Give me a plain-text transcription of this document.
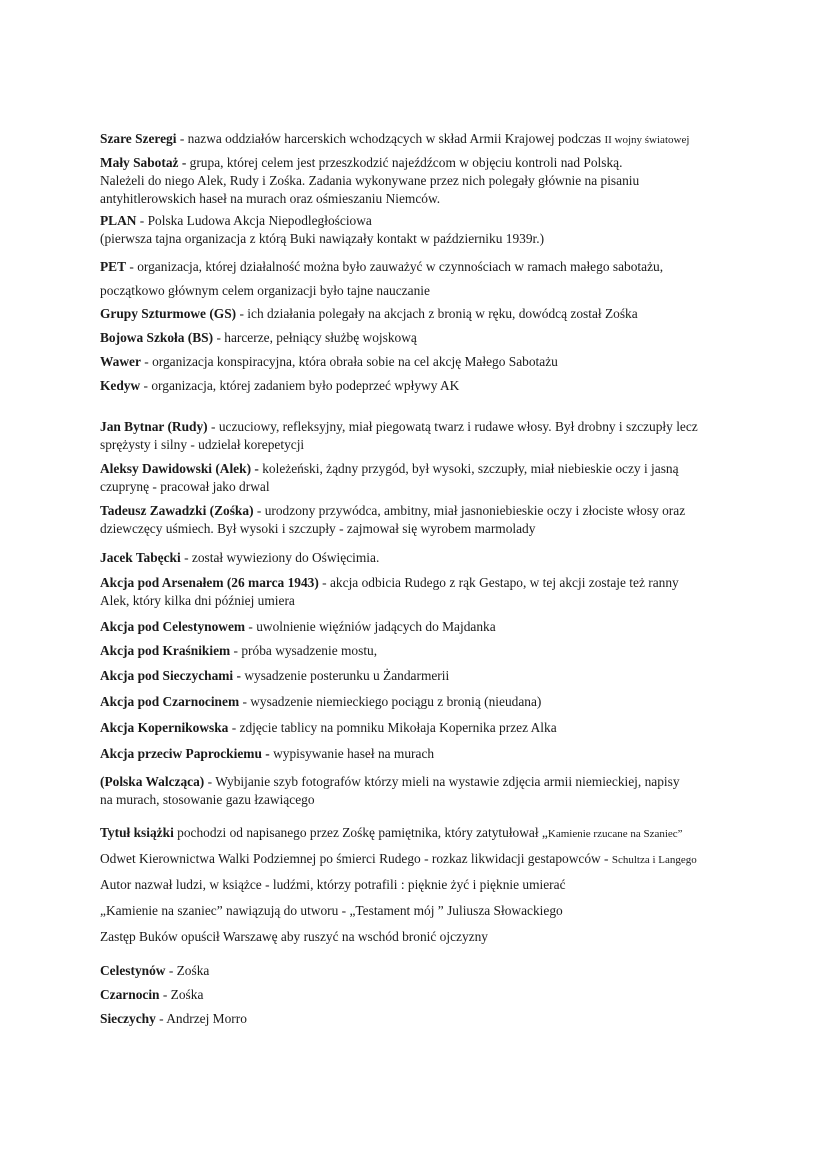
Szare Szeregi - nazwa oddziałów harcerskich wchodzących w skład Armii Krajowej podczas II wojny światowej
Mały Sabotaż - grupa, której celem jest przeszkodzić najeźdźcom w objęciu kontroli nad Polską.
Należeli do niego Alek, Rudy i Zośka. Zadania wykonywane przez nich polegały głównie na pisaniu
antyhitlerowskich haseł na murach oraz ośmieszaniu Niemców.
PLAN - Polska Ludowa Akcja Niepodległościowa
(pierwsza tajna organizacja z którą Buki nawiązały kontakt w październiku 1939r.)
PET - organizacja, której działalność można było zauważyć w czynnościach w ramach małego sabotażu,
początkowo głównym celem organizacji było tajne nauczanie
Grupy Szturmowe (GS) - ich działania polegały na akcjach z bronią w ręku, dowódcą został Zośka
Bojowa Szkoła (BS) - harcerze, pełniący służbę wojskową
Wawer - organizacja konspiracyjna, która obrała sobie na cel akcję Małego Sabotażu
Kedyw - organizacja, której zadaniem było podeprzeć wpływy AK
Jan Bytnar (Rudy) - uczuciowy, refleksyjny, miał piegowatą twarz i rudawe włosy. Był drobny i szczupły lecz
sprężysty i silny - udzielał korepetycji
Aleksy Dawidowski (Alek) - koleżeński, żądny przygód, był wysoki, szczupły, miał niebieskie oczy i jasną
czuprynę - pracował jako drwal
Tadeusz Zawadzki (Zośka) - urodzony przywódca, ambitny, miał jasnoniebieskie oczy i złociste włosy oraz
dziewczęcy uśmiech. Był wysoki i szczupły - zajmował się wyrobem marmolady
Jacek Tabęcki - został wywieziony do Oświęcimia.
Akcja pod Arsenałem (26 marca 1943) - akcja odbicia Rudego z rąk Gestapo, w tej akcji zostaje też ranny
Alek, który kilka dni później umiera
Akcja pod Celestynowem - uwolnienie więźniów jadących do Majdanka
Akcja pod Kraśnikiem - próba wysadzenie mostu,
Akcja pod Sieczychami - wysadzenie posterunku u Żandarmerii
Akcja pod Czarnocinem - wysadzenie niemieckiego pociągu z bronią (nieudana)
Akcja Kopernikowska - zdjęcie tablicy na pomniku Mikołaja Kopernika przez Alka
Akcja przeciw Paprockiemu - wypisywanie haseł na murach
(Polska Walcząca) - Wybijanie szyb fotografów którzy mieli na wystawie zdjęcia armii niemieckiej, napisy
na murach, stosowanie gazu łzawiącego
Tytuł książki pochodzi od napisanego przez Zośkę pamiętnika, który zatytułował „Kamienie rzucane na Szaniec”
Odwet Kierownictwa Walki Podziemnej po śmierci Rudego - rozkaz likwidacji gestapowców - Schultza i Langego
Autor nazwał ludzi, w książce - ludźmi, którzy potrafili : pięknie żyć i pięknie umierać
„Kamienie na szaniec” nawiązują do utworu - „Testament mój ” Juliusza Słowackiego
Zastęp Buków opuścił Warszawę aby ruszyć na wschód bronić ojczyzny
Celestynów - Zośka
Czarnocin - Zośka
Sieczychy - Andrzej Morro
